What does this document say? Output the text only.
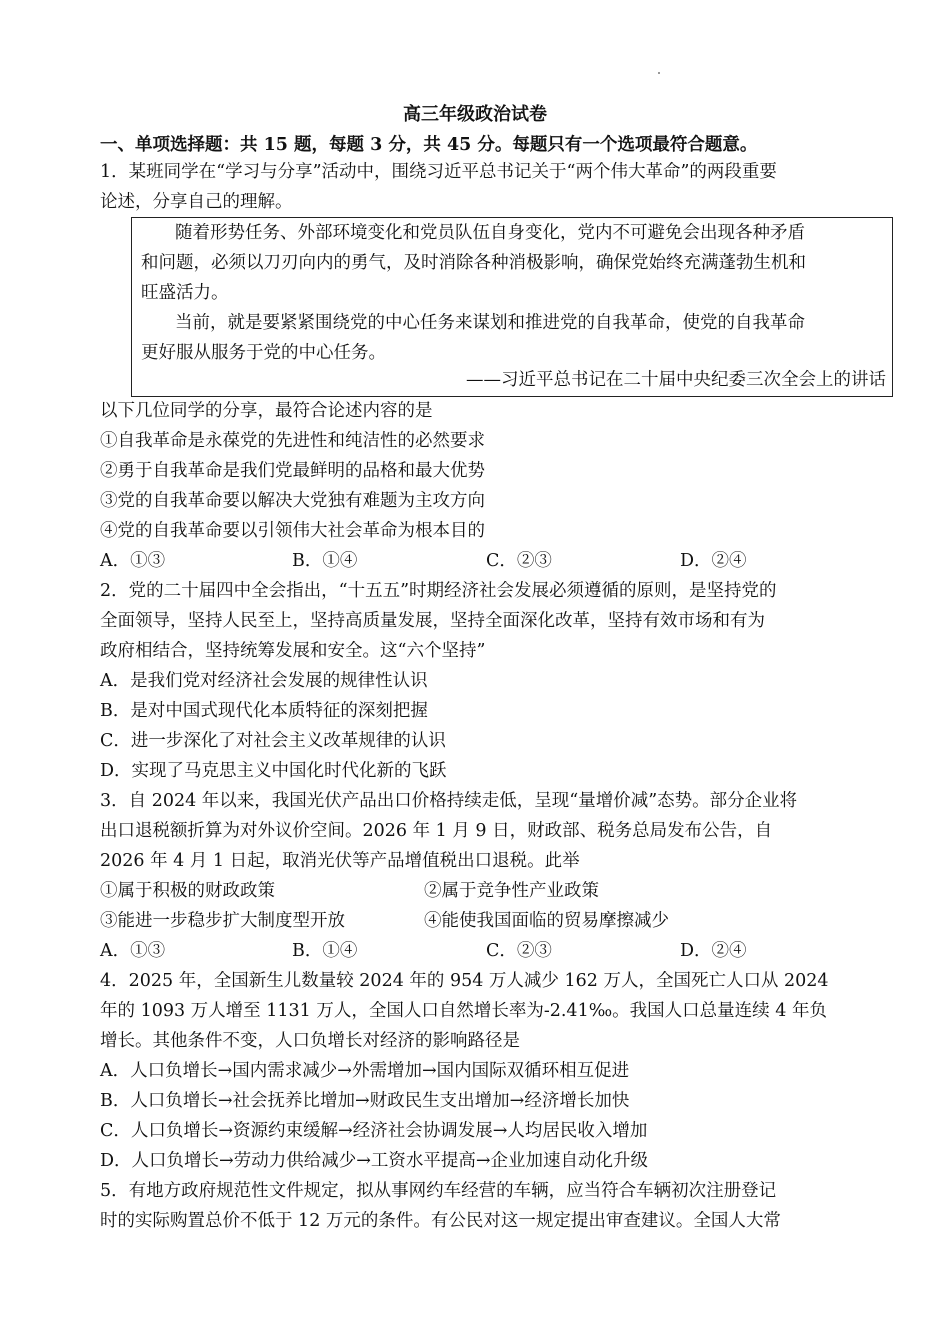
高三年级政治试卷
一、单项选择题：共 15 题，每题 3 分，共 45 分。每题只有一个选项最符合题意。
1．某班同学在“学习与分享”活动中，围绕习近平总书记关于“两个伟大革命”的两段重要
论述，分享自己的理解。
随着形势任务、外部环境变化和党员队伍自身变化，党内不可避免会出现各种矛盾
和问题，必须以刀刃向内的勇气，及时消除各种消极影响，确保党始终充满蓬勃生机和
旺盛活力。
当前，就是要紧紧围绕党的中心任务来谋划和推进党的自我革命，使党的自我革命
更好服从服务于党的中心任务。
——习近平总书记在二十届中央纪委三次全会上的讲话
以下几位同学的分享，最符合论述内容的是
①自我革命是永葆党的先进性和纯洁性的必然要求
②勇于自我革命是我们党最鲜明的品格和最大优势
③党的自我革命要以解决大党独有难题为主攻方向
④党的自我革命要以引领伟大社会革命为根本目的
A．①③	B．①④	C．②③	D．②④
2．党的二十届四中全会指出，“十五五”时期经济社会发展必须遵循的原则，是坚持党的
全面领导，坚持人民至上，坚持高质量发展，坚持全面深化改革，坚持有效市场和有为
政府相结合，坚持统筹发展和安全。这“六个坚持”
A．是我们党对经济社会发展的规律性认识
B．是对中国式现代化本质特征的深刻把握
C．进一步深化了对社会主义改革规律的认识
D．实现了马克思主义中国化时代化新的飞跃
3．自 2024 年以来，我国光伏产品出口价格持续走低，呈现“量增价减”态势。部分企业将
出口退税额折算为对外议价空间。2026 年 1 月 9 日，财政部、税务总局发布公告，自
2026 年 4 月 1 日起，取消光伏等产品增值税出口退税。此举
①属于积极的财政政策	②属于竞争性产业政策
③能进一步稳步扩大制度型开放	④能使我国面临的贸易摩擦减少
A．①③	B．①④	C．②③	D．②④
4．2025 年，全国新生儿数量较 2024 年的 954 万人减少 162 万人，全国死亡人口从 2024
年的 1093 万人增至 1131 万人，全国人口自然增长率为-2.41‰。我国人口总量连续 4 年负
增长。其他条件不变，人口负增长对经济的影响路径是
A．人口负增长→国内需求减少→外需增加→国内国际双循环相互促进
B．人口负增长→社会抚养比增加→财政民生支出增加→经济增长加快
C．人口负增长→资源约束缓解→经济社会协调发展→人均居民收入增加
D．人口负增长→劳动力供给减少→工资水平提高→企业加速自动化升级
5．有地方政府规范性文件规定，拟从事网约车经营的车辆，应当符合车辆初次注册登记
时的实际购置总价不低于 12 万元的条件。有公民对这一规定提出审查建议。全国人大常
